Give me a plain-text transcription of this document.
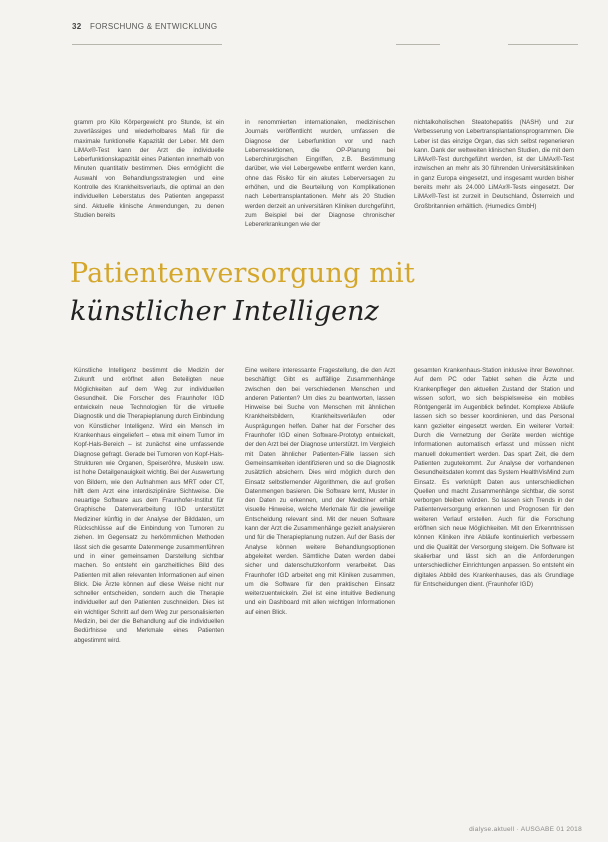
32 FORSCHUNG & ENTWICKLUNG

gramm pro Kilo Körpergewicht pro Stunde, ist ein zuverlässiges und wiederholbares Maß für die maximale funktionelle Kapazität der Leber. Mit dem LiMAx®-Test kann der Arzt die individuelle Leberfunktionskapazität eines Patienten innerhalb von Minuten quantitativ bestimmen. Dies ermöglicht die Auswahl von Behandlungsstrategien und eine Kontrolle des Krankheitsverlaufs, die optimal an den individuellen Leberstatus des Patienten angepasst sind. Aktuelle klinische Anwendungen, zu denen Studien bereits

in renommierten internationalen, medizinischen Journals veröffentlicht wurden, umfassen die Diagnose der Leberfunktion vor und nach Leberresektionen, die OP-Planung bei Leberchirurgischen Eingriffen, z.B. Bestimmung darüber, wie viel Lebergewebe entfernt werden kann, ohne das Risiko für ein akutes Leberversagen zu erhöhen, und die Beurteilung von Komplikationen nach Lebertransplantationen. Mehr als 20 Studien werden derzeit an universitären Kliniken durchgeführt, zum Beispiel bei der Diagnose chronischer Lebererkrankungen wie der

nichtalkoholischen Steatohepatitis (NASH) und zur Verbesserung von Lebertransplantationsprogrammen. Die Leber ist das einzige Organ, das sich selbst regenerieren kann. Dank der weltweiten klinischen Studien, die mit dem LiMAx®-Test durchgeführt werden, ist der LiMAx®-Test inzwischen an mehr als 30 führenden Universitätskliniken in ganz Europa eingesetzt, und insgesamt wurden bisher bereits mehr als 24.000 LiMAx®-Tests eingesetzt. Der LiMAx®-Test ist zurzeit in Deutschland, Österreich und Großbritannien erhältlich. (Humedics GmbH)

Patientenversorgung mit
künstlicher Intelligenz

Künstliche Intelligenz bestimmt die Medizin der Zukunft und eröffnet allen Beteiligten neue Möglichkeiten auf dem Weg zur individuellen Gesundheit. Die Forscher des Fraunhofer IGD entwickeln neue Technologien für die virtuelle Diagnostik und die Therapieplanung durch Einbindung von Künstlicher Intelligenz. Wird ein Mensch im Krankenhaus eingeliefert – etwa mit einem Tumor im Kopf-Hals-Bereich – ist zunächst eine umfassende Diagnose gefragt. Gerade bei Tumoren von Kopf-Hals-Strukturen wie Organen, Speiseröhre, Muskeln usw. ist hohe Detailgenauigkeit wichtig. Bei der Auswertung von Bildern, wie den Aufnahmen aus MRT oder CT, hilft dem Arzt eine interdisziplinäre Sichtweise. Die neuartige Software aus dem Fraunhofer-Institut für Graphische Datenverarbeitung IGD unterstützt Mediziner künftig in der Analyse der Bilddaten, um Rückschlüsse auf die Einbindung von Tumoren zu ziehen. Im Gegensatz zu herkömmlichen Methoden lässt sich die gesamte Datenmenge zusammenführen und in einer gemeinsamen Darstellung sichtbar machen. So entsteht ein ganzheitliches Bild des Patienten mit allen relevanten Informationen auf einen Blick. Die Ärzte können auf diese Weise nicht nur schneller entscheiden, sondern auch die Therapie individueller auf den Patienten zuschneiden. Dies ist ein wichtiger Schritt auf dem Weg zur personalisierten Medizin, bei der die Behandlung auf die individuellen Bedürfnisse und Merkmale eines Patienten abgestimmt wird.

Eine weitere interessante Fragestellung, die den Arzt beschäftigt: Gibt es auffällige Zusammenhänge zwischen den bei verschiedenen Menschen und anderen Patienten? Um dies zu beantworten, lassen Hinweise bei Suche von Menschen mit ähnlichen Krankheitsbildern, Krankheitsverläufen oder Ausprägungen helfen. Daher hat der Forscher des Fraunhofer IGD einen Software-Prototyp entwickelt, der den Arzt bei der Diagnose unterstützt. Im Vergleich mit Daten ähnlicher Patienten-Fälle lassen sich Gemeinsamkeiten identifizieren und so die Diagnostik zusätzlich absichern. Dies wird möglich durch den Einsatz selbstlernender Algorithmen, die auf großen Datenmengen basieren. Die Software lernt, Muster in den Daten zu erkennen, und der Mediziner erhält visuelle Hinweise, welche Merkmale für die jeweilige Entscheidung relevant sind. Mit der neuen Software kann der Arzt die Zusammenhänge gezielt analysieren und für die Therapieplanung nutzen. Auf der Basis der Analyse können weitere Behandlungsoptionen abgeleitet werden. Sämtliche Daten werden dabei sicher und datenschutzkonform verarbeitet. Das Fraunhofer IGD arbeitet eng mit Kliniken zusammen, um die Software für den praktischen Einsatz weiterzuentwickeln. Ziel ist eine intuitive Bedienung und ein Dashboard mit allen wichtigen Informationen auf einen Blick.

gesamten Krankenhaus-Station inklusive ihrer Bewohner. Auf dem PC oder Tablet sehen die Ärzte und Krankenpfleger den aktuellen Zustand der Station und wissen sofort, wo sich beispielsweise ein mobiles Röntgengerät im Augenblick befindet. Komplexe Abläufe lassen sich so besser koordinieren, und das Personal kann gezielter eingesetzt werden. Ein weiterer Vorteil: Durch die Vernetzung der Geräte werden wichtige Informationen automatisch erfasst und müssen nicht manuell dokumentiert werden. Das spart Zeit, die dem Patienten zugutekommt. Zur Analyse der vorhandenen Gesundheitsdaten kommt das System HealthVisMind zum Einsatz. Es verknüpft Daten aus unterschiedlichen Quellen und macht Zusammenhänge sichtbar, die sonst verborgen bleiben würden. So lassen sich Trends in der Patientenversorgung erkennen und Prognosen für den weiteren Verlauf erstellen. Auch für die Forschung eröffnen sich neue Möglichkeiten. Mit den Erkenntnissen können Kliniken ihre Abläufe kontinuierlich verbessern und die Qualität der Versorgung steigern. Die Software ist skalierbar und lässt sich an die Anforderungen unterschiedlicher Einrichtungen anpassen. So entsteht ein digitales Abbild des Krankenhauses, das als Grundlage für Entscheidungen dient. (Fraunhofer IGD)

dialyse.aktuell · AUSGABE 01 2018
